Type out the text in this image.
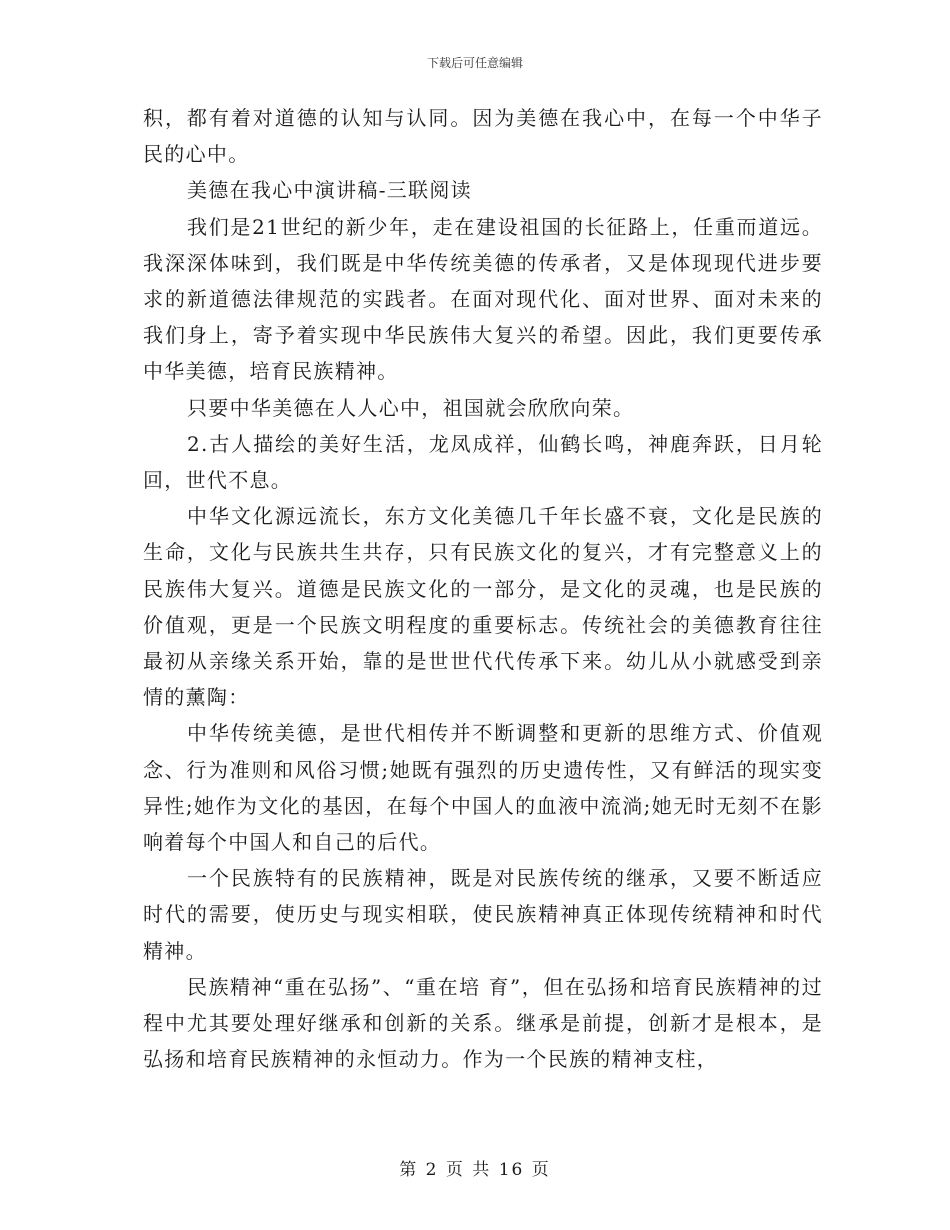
下载后可任意编辑

积，都有着对道德的认知与认同。因为美德在我心中，在每一个中华子民的心中。

美德在我心中演讲稿-三联阅读

我们是21世纪的新少年，走在建设祖国的长征路上，任重而道远。我深深体味到，我们既是中华传统美德的传承者，又是体现现代进步要求的新道德法律规范的实践者。在面对现代化、面对世界、面对未来的我们身上，寄予着实现中华民族伟大复兴的希望。因此，我们更要传承中华美德，培育民族精神。

只要中华美德在人人心中，祖国就会欣欣向荣。

2.古人描绘的美好生活，龙凤成祥，仙鹤长鸣，神鹿奔跃，日月轮回，世代不息。

中华文化源远流长，东方文化美德几千年长盛不衰，文化是民族的生命，文化与民族共生共存，只有民族文化的复兴，才有完整意义上的民族伟大复兴。道德是民族文化的一部分，是文化的灵魂，也是民族的价值观，更是一个民族文明程度的重要标志。传统社会的美德教育往往最初从亲缘关系开始，靠的是世世代代传承下来。幼儿从小就感受到亲情的薰陶：

中华传统美德，是世代相传并不断调整和更新的思维方式、价值观念、行为准则和风俗习惯;她既有强烈的历史遗传性，又有鲜活的现实变异性;她作为文化的基因，在每个中国人的血液中流淌;她无时无刻不在影响着每个中国人和自己的后代。

一个民族特有的民族精神，既是对民族传统的继承，又要不断适应时代的需要，使历史与现实相联，使民族精神真正体现传统精神和时代精神。

民族精神“重在弘扬”、“重在培 育”，但在弘扬和培育民族精神的过程中尤其要处理好继承和创新的关系。继承是前提，创新才是根本，是弘扬和培育民族精神的永恒动力。作为一个民族的精神支柱，

第 2 页 共 16 页
